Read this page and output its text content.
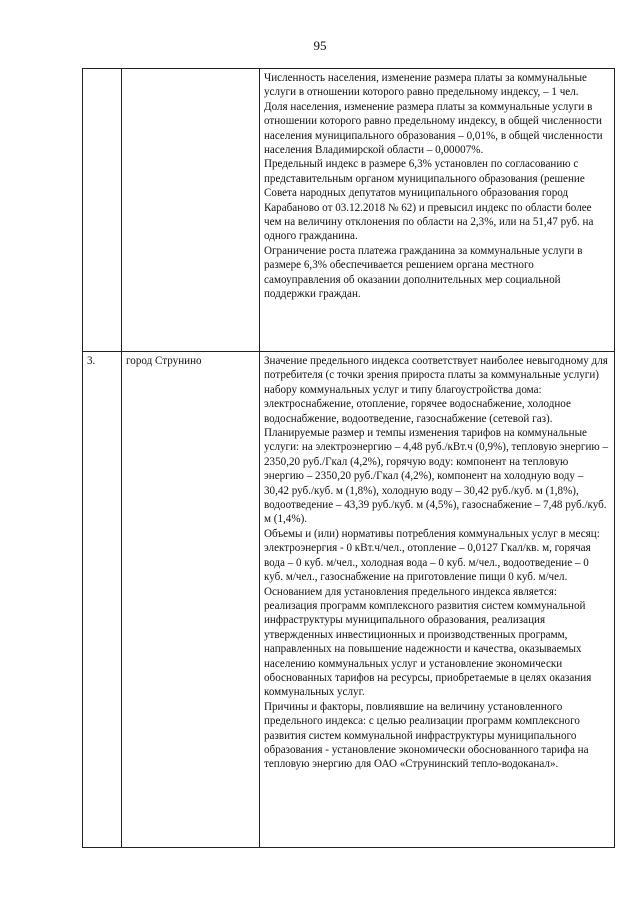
95

		Численность населения, изменение размера платы за коммунальные услуги в отношении которого равно предельному индексу, – 1 чел.

Доля населения, изменение размера платы за коммунальные услуги в отношении которого равно предельному индексу, в общей численности населения муниципального образования – 0,01%, в общей численности населения Владимирской области – 0,00007%.

Предельный индекс в размере 6,3% установлен по согласованию с представительным органом муниципального образования (решение Совета народных депутатов муниципального образования город Карабаново от 03.12.2018 № 62) и превысил индекс по области более чем на величину отклонения по области на 2,3%, или на 51,47 руб. на одного гражданина.

Ограничение роста платежа гражданина за коммунальные услуги в размере 6,3% обеспечивается решением органа местного самоуправления об оказании дополнительных мер социальной поддержки граждан.

3.	город Струнино	Значение предельного индекса соответствует наиболее невыгодному для потребителя (с точки зрения прироста платы за коммунальные услуги) набору коммунальных услуг и типу благоустройства дома: электроснабжение, отопление, горячее водоснабжение, холодное водоснабжение, водоотведение, газоснабжение (сетевой газ).

Планируемые размер и темпы изменения тарифов на коммунальные услуги: на электроэнергию – 4,48 руб./кВт.ч (0,9%), тепловую энергию – 2350,20 руб./Гкал (4,2%), горячую воду: компонент на тепловую энергию – 2350,20 руб./Гкал (4,2%), компонент на холодную воду – 30,42 руб./куб. м (1,8%), холодную воду – 30,42 руб./куб. м (1,8%), водоотведение – 43,39 руб./куб. м (4,5%), газоснабжение – 7,48 руб./куб. м (1,4%).

Объемы и (или) нормативы потребления коммунальных услуг в месяц: электроэнергия - 0 кВт.ч/чел., отопление – 0,0127 Гкал/кв. м, горячая вода – 0 куб. м/чел., холодная вода – 0 куб. м/чел., водоотведение – 0 куб. м/чел., газоснабжение на приготовление пищи 0 куб. м/чел.

Основанием для установления предельного индекса является: реализация программ комплексного развития систем коммунальной инфраструктуры муниципального образования, реализация утвержденных инвестиционных и производственных программ, направленных на повышение надежности и качества, оказываемых населению коммунальных услуг и установление экономически обоснованных тарифов на ресурсы, приобретаемые в целях оказания коммунальных услуг.

Причины и факторы, повлиявшие на величину установленного предельного индекса: с целью реализации программ комплексного развития систем коммунальной инфраструктуры муниципального образования - установление экономически обоснованного тарифа на тепловую энергию для ОАО «Струнинский тепло-водоканал».
